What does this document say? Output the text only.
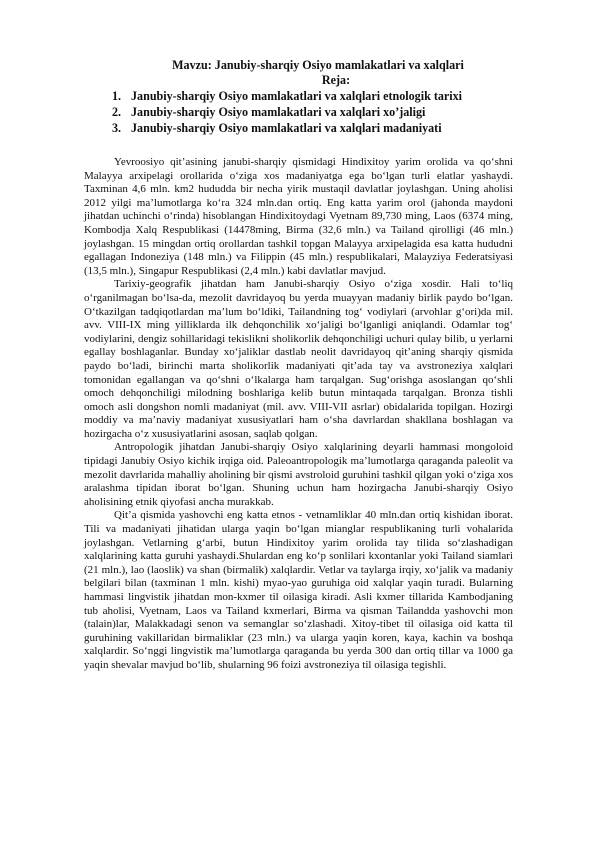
Mavzu: Janubiy-sharqiy Osiyo mamlakatlari va xalqlari
Reja:
1. Janubiy-sharqiy Osiyo mamlakatlari va xalqlari etnologik tarixi
2. Janubiy-sharqiy Osiyo mamlakatlari va xalqlari xo’jaligi
3. Janubiy-sharqiy Osiyo mamlakatlari va xalqlari madaniyati

Yevroosiyo qit’asining janubi-sharqiy qismidagi Hindixitoy yarim orolida va qo‘shni Malayya arxipelagi orollarida o‘ziga xos madaniyatga ega bo‘lgan turli elatlar yashaydi. Taxminan 4,6 mln. km2 hududda bir necha yirik mustaqil davlatlar joylashgan. Uning aholisi 2012 yilgi ma’lumotlarga ko‘ra 324 mln.dan ortiq. Eng katta yarim orol (jahonda maydoni jihatdan uchinchi o‘rinda) hisoblangan Hindixitoydagi Vyetnam 89,730 ming, Laos (6374 ming, Kombodja Xalq Respublikasi (14478ming, Birma (32,6 mln.) va Tailand qirolligi (46 mln.) joylashgan. 15 mingdan ortiq orollardan tashkil topgan Malayya arxipelagida esa katta hududni egallagan Indoneziya (148 mln.) va Filippin (45 mln.) respublikalari, Malayziya Federatsiyasi (13,5 mln.), Singapur Respublikasi (2,4 mln.) kabi davlatlar mavjud.

Tarixiy-geografik jihatdan ham Janubi-sharqiy Osiyo o‘ziga xosdir. Hali to‘liq o‘rganilmagan bo‘lsa-da, mezolit davridayoq bu yerda muayyan madaniy birlik paydo bo‘lgan. O‘tkazilgan tadqiqotlardan ma’lum bo‘ldiki, Tailandning tog‘ vodiylari (arvohlar g‘ori)da mil. avv. VIII-IX ming yilliklarda ilk dehqonchilik xo‘jaligi bo‘lganligi aniqlandi. Odamlar tog‘ vodiylarini, dengiz sohillaridagi tekislikni sholikorlik dehqonchiligi uchuri qulay bilib, u yerlarni egallay boshlaganlar. Bunday xo‘jaliklar dastlab neolit davridayoq qit’aning sharqiy qismida paydo bo‘ladi, birinchi marta sholikorlik madaniyati qit’ada tay va avstroneziya xalqlari tomonidan egallangan va qo‘shni o‘lkalarga ham tarqalgan. Sug‘orishga asoslangan qo‘shli omoch dehqonchiligi milodning boshlariga kelib butun mintaqada tarqalgan. Bronza tishli omoch asli dongshon nomli madaniyat (mil. avv. VIII-VII asrlar) obidalarida topilgan. Hozirgi moddiy va ma’naviy madaniyat xususiyatlari ham o‘sha davrlardan shakllana boshlagan va hozirgacha o‘z xususiyatlarini asosan, saqlab qolgan.

Antropologik jihatdan Janubi-sharqiy Osiyo xalqlarining deyarli hammasi mongoloid tipidagi Janubiy Osiyo kichik irqiga oid. Paleoantropologik ma’lumotlarga qaraganda paleolit va mezolit davrlarida mahalliy aholining bir qismi avstroloid guruhini tashkil qilgan yoki o‘ziga xos aralashma tipidan iborat bo‘lgan. Shuning uchun ham hozirgacha Janubi-sharqiy Osiyo aholisining etnik qiyofasi ancha murakkab.

Qit’a qismida yashovchi eng katta etnos - vetnamliklar 40 mln.dan ortiq kishidan iborat. Tili va madaniyati jihatidan ularga yaqin bo‘lgan mianglar respublikaning turli vohalarida joylashgan. Vetlarning g‘arbi, butun Hindixitoy yarim orolida tay tilida so‘zlashadigan xalqlarining katta guruhi yashaydi.Shulardan eng ko‘p sonlilari kxontanlar yoki Tailand siamlari (21 mln.), lao (laoslik) va shan (birmalik) xalqlardir. Vetlar va taylarga irqiy, xo‘jalik va madaniy belgilari bilan (taxminan 1 mln. kishi) myao-yao guruhiga oid xalqlar yaqin turadi. Bularning hammasi lingvistik jihatdan mon-kxmer til oilasiga kiradi. Asli kxmer tillarida Kambodjaning tub aholisi, Vyetnam, Laos va Tailand kxmerlari, Birma va qisman Tailandda yashovchi mon (talain)lar, Malakkadagi senon va semanglar so‘zlashadi. Xitoy-tibet til oilasiga oid katta til guruhining vakillaridan birmaliklar (23 mln.) va ularga yaqin koren, kaya, kachin va boshqa xalqlardir. So‘nggi lingvistik ma’lumotlarga qaraganda bu yerda 300 dan ortiq tillar va 1000 ga yaqin shevalar mavjud bo‘lib, shularning 96 foizi avstroneziya til oilasiga tegishli.
